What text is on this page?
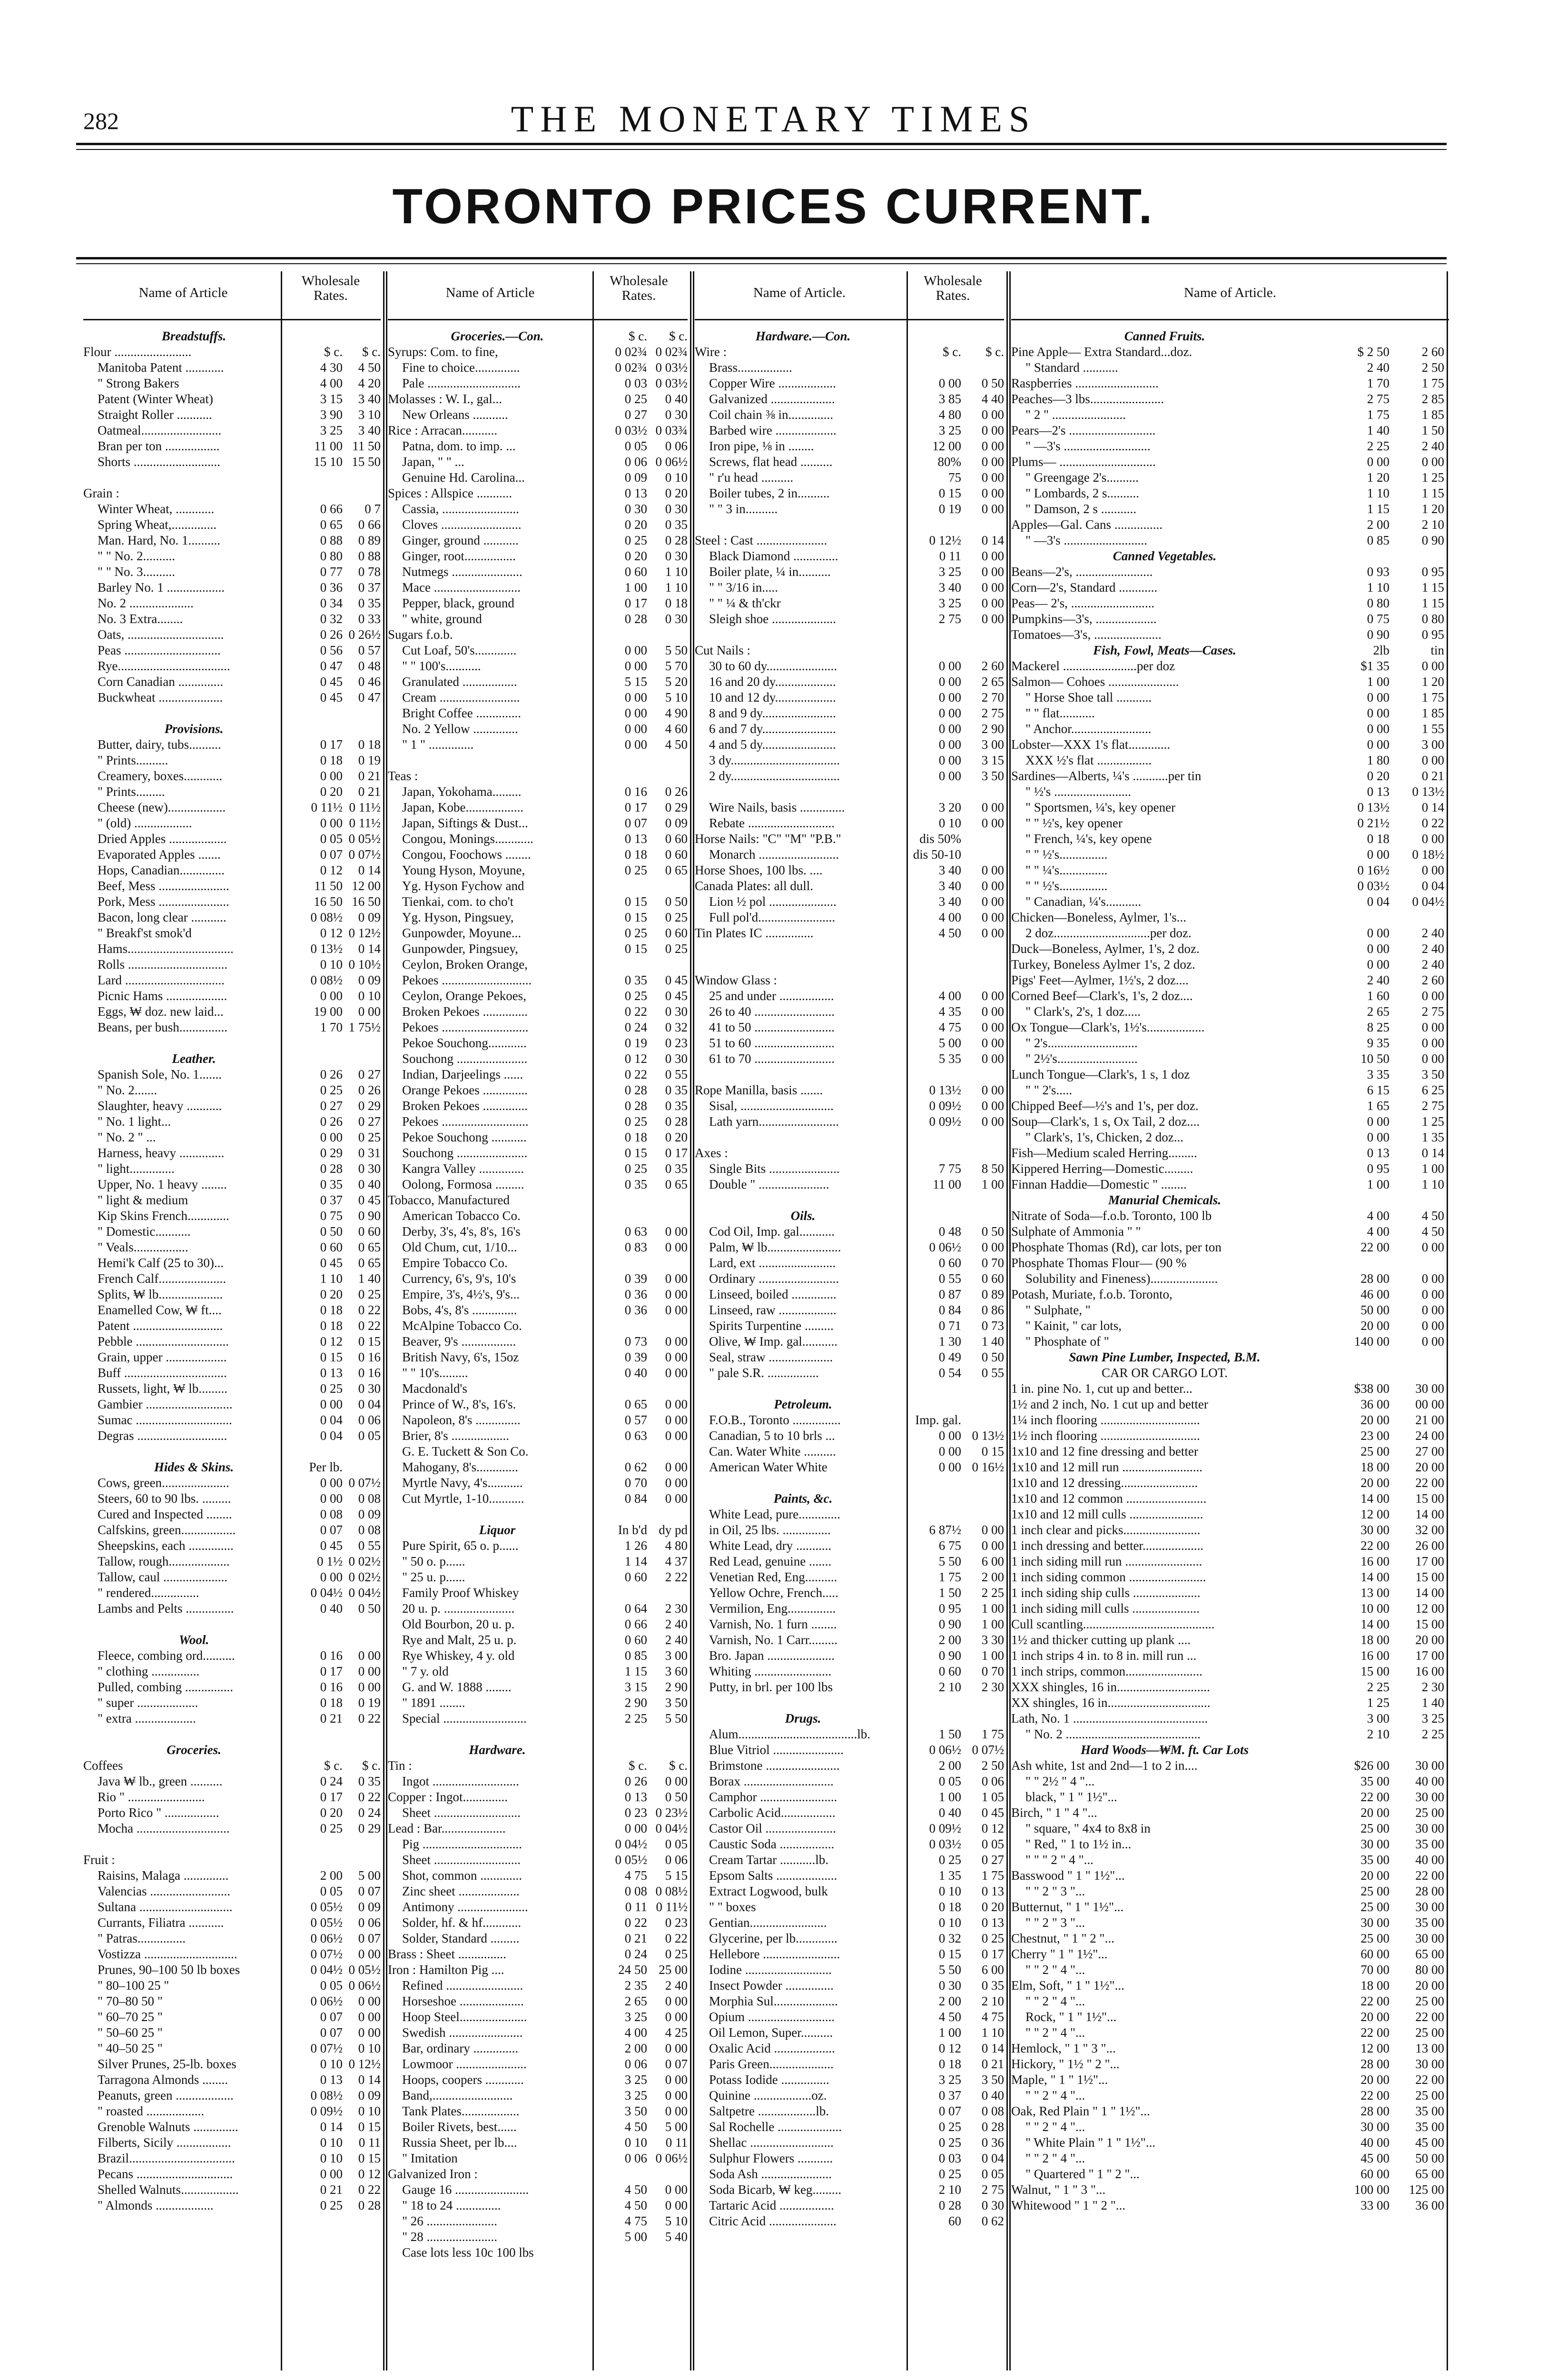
282	THE MONETARY TIMES
TORONTO PRICES CURRENT.
Name of Article
Wholesale
Rates.	Name of Article
Wholesale
Rates.	Name of Article.
Wholesale
Rates.	Name of Article.
Breadstuffs.
Flour ........................	$ c.	$ c.
Manitoba Patent ............	4 30	4 50
" Strong Bakers	4 00	4 20
Patent (Winter Wheat)	3 15	3 40
Straight Roller ...........	3 90	3 10
Oatmeal.........................	3 25	3 40
Bran per ton .................	11 00 11 50
Shorts ...........................	15 10 15 50
Grain :
Winter Wheat, ............	0 66	0 7
Spring Wheat,..............	0 65	0 66
Man. Hard, No. 1..........	0 88	0 89
" " No. 2..........	0 80	0 88
" " No. 3..........	0 77	0 78
Barley No. 1 ..................	0 36	0 37
No. 2 ....................	0 34	0 35
No. 3 Extra........	0 32	0 33
Oats, ..............................	0 26 0 26½
Peas ..............................	0 56	0 57
Rye...................................	0 47	0 48
Corn Canadian ..............	0 45	0 46
Buckwheat ....................	0 45	0 47
Provisions.
Butter, dairy, tubs..........	0 17	0 18
" Prints..........	0 18	0 19
Creamery, boxes............	0 00	0 21
" Prints.........	0 20	0 21
Cheese (new)..................	0 11½ 0 11½
" (old) ..................	0 00 0 11½
Dried Apples ..................	0 05 0 05½
Evaporated Apples .......	0 07 0 07½
Hops, Canadian..............	0 12	0 14
Beef, Mess ......................	11 50 12 00
Pork, Mess ......................	16 50 16 50
Bacon, long clear ...........	0 08½	0 09
" Breakf'st smok'd	0 12 0 12½
Hams.................................	0 13½	0 14
Rolls ...............................	0 10 0 10½
Lard ...............................	0 08½	0 09
Picnic Hams ...................	0 00	0 10
Eggs, ₩ doz. new laid...	19 00	0 00
Beans, per bush...............	1 70 1 75½
Leather.
Spanish Sole, No. 1.......	0 26	0 27
" No. 2.......	0 25	0 26
Slaughter, heavy ...........	0 27	0 29
" No. 1 light...	0 26	0 27
" No. 2 " ...	0 00	0 25
Harness, heavy ..............	0 29	0 31
" light..............	0 28	0 30
Upper, No. 1 heavy ........	0 35	0 40
" light & medium	0 37	0 45
Kip Skins French.............	0 75	0 90
" Domestic...........	0 50	0 60
" Veals.................	0 60	0 65
Hemi'k Calf (25 to 30)...	0 45	0 65
French Calf.....................	1 10	1 40
Splits, ₩ lb....................	0 20	0 25
Enamelled Cow, ₩ ft....	0 18	0 22
Patent ............................	0 18	0 22
Pebble .............................	0 12	0 15
Grain, upper ...................	0 15	0 16
Buff ................................	0 13	0 16
Russets, light, ₩ lb.........	0 25	0 30
Gambier ...........................	0 00	0 04
Sumac ..............................	0 04	0 06
Degras ............................	0 04	0 05
Hides & Skins.	Per lb.
Cows, green.....................	0 00 0 07½
Steers, 60 to 90 lbs. .........	0 00	0 08
Cured and Inspected ........	0 08	0 09
Calfskins, green.................	0 07	0 08
Sheepskins, each ..............	0 45	0 55
Tallow, rough...................	0 1½ 0 02½
Tallow, caul ....................	0 00 0 02½
" rendered...............	0 04½ 0 04½
Lambs and Pelts ...............	0 40	0 50
Wool.
Fleece, combing ord..........	0 16	0 00
" clothing ...............	0 17	0 00
Pulled, combing ...............	0 16	0 00
" super ...................	0 18	0 19
" extra ...................	0 21	0 22
Groceries.
Coffees	$ c.	$ c.
Java ₩ lb., green ..........	0 24	0 35
Rio " ........................	0 17	0 22
Porto Rico " .................	0 20	0 24
Mocha .............................	0 25	0 29
Fruit :
Raisins, Malaga ..............	2 00	5 00
Valencias .........................	0 05	0 07
Sultana .............................	0 05½	0 09
Currants, Filiatra ...........	0 05½	0 06
" Patras...............	0 06½	0 07
Vostizza .............................	0 07½	0 00
Prunes, 90–100 50 lb boxes	0 04½ 0 05½
" 80–100 25 "	0 05 0 06½
" 70–80 50 "	0 06½	0 00
" 60–70 25 "	0 07	0 00
" 50–60 25 "	0 07	0 00
" 40–50 25 "	0 07½	0 10
Silver Prunes, 25-lb. boxes	0 10 0 12½
Tarragona Almonds ........	0 13	0 14
Peanuts, green ..................	0 08½	0 09
" roasted ..................	0 09½	0 10
Grenoble Walnuts ..............	0 14	0 15
Filberts, Sicily .................	0 10	0 11
Brazil.................................	0 10	0 15
Pecans ..............................	0 00	0 12
Shelled Walnuts..................	0 21	0 22
" Almonds ..................	0 25	0 28
Groceries.—Con.	$ c.	$ c.
Syrups: Com. to fine,	0 02¾ 0 02¾
Fine to choice..............	0 02¾ 0 03½
Pale .............................	0 03 0 03½
Molasses : W. I., gal...	0 25	0 40
New Orleans ...........	0 27	0 30
Rice : Arracan...........	0 03½ 0 03¾
Patna, dom. to imp. ...	0 05	0 06
Japan, " " ...	0 06 0 06½
Genuine Hd. Carolina...	0 09	0 10
Spices : Allspice ...........	0 13	0 20
Cassia, ........................	0 30	0 30
Cloves .........................	0 20	0 35
Ginger, ground ...........	0 25	0 28
Ginger, root................	0 20	0 30
Nutmegs ......................	0 60	1 10
Mace ...........................	1 00	1 10
Pepper, black, ground	0 17	0 18
" white, ground	0 28	0 30
Sugars f.o.b.
Cut Loaf, 50's.............	0 00	5 50
" " 100's...........	0 00	5 70
Granulated .................	5 15	5 20
Cream .........................	0 00	5 10
Bright Coffee ..............	0 00	4 90
No. 2 Yellow ..............	0 00	4 60
" 1 " ..............	0 00	4 50
Teas :
Japan, Yokohama.........	0 16	0 26
Japan, Kobe..................	0 17	0 29
Japan, Siftings & Dust...	0 07	0 09
Congou, Monings............	0 13	0 60
Congou, Foochows ........	0 18	0 60
Young Hyson, Moyune,	0 25	0 65
Yg. Hyson Fychow and
Tienkai, com. to cho't	0 15	0 50
Yg. Hyson, Pingsuey,	0 15	0 25
Gunpowder, Moyune...	0 25	0 60
Gunpowder, Pingsuey,	0 15	0 25
Ceylon, Broken Orange,
Pekoes ............................	0 35	0 45
Ceylon, Orange Pekoes,	0 25	0 45
Broken Pekoes ..............	0 22	0 30
Pekoes ...........................	0 24	0 32
Pekoe Souchong............	0 19	0 23
Souchong ......................	0 12	0 30
Indian, Darjeelings ......	0 22	0 55
Orange Pekoes ..............	0 28	0 35
Broken Pekoes ..............	0 28	0 35
Pekoes ...........................	0 25	0 28
Pekoe Souchong ...........	0 18	0 20
Souchong ......................	0 15	0 17
Kangra Valley ..............	0 25	0 35
Oolong, Formosa .........	0 35	0 65
Tobacco, Manufactured
American Tobacco Co.
Derby, 3's, 4's, 8's, 16's	0 63	0 00
Old Chum, cut, 1/10...	0 83	0 00
Empire Tobacco Co.
Currency, 6's, 9's, 10's	0 39	0 00
Empire, 3's, 4½'s, 9's...	0 36	0 00
Bobs, 4's, 8's ..............	0 36	0 00
McAlpine Tobacco Co.
Beaver, 9's .................	0 73	0 00
British Navy, 6's, 15oz	0 39	0 00
" " 10's.........	0 40	0 00
Macdonald's
Prince of W., 8's, 16's.	0 65	0 00
Napoleon, 8's ..............	0 57	0 00
Brier, 8's ..................	0 63	0 00
G. E. Tuckett & Son Co.
Mahogany, 8's.............	0 62	0 00
Myrtle Navy, 4's...........	0 70	0 00
Cut Myrtle, 1-10...........	0 84	0 00
Liquor	In b'd dy pd
Pure Spirit, 65 o. p......	1 26	4 80
" 50 o. p......	1 14	4 37
" 25 u. p......	0 60	2 22
Family Proof Whiskey
20 u. p. ......................	0 64	2 30
Old Bourbon, 20 u. p.	0 66	2 40
Rye and Malt, 25 u. p.	0 60	2 40
Rye Whiskey, 4 y. old	0 85	3 00
" 7 y. old	1 15	3 60
G. and W. 1888 ........	3 15	2 90
" 1891 ........	2 90	3 50
Special ..........................	2 25	5 50
Hardware.
Tin :	$ c.	$ c.
Ingot ...........................	0 26	0 00
Copper : Ingot..............	0 13	0 50
Sheet ...........................	0 23 0 23½
Lead : Bar....................	0 00 0 04½
Pig ...............................	0 04½	0 05
Sheet ...........................	0 05½	0 06
Shot, common .............	4 75	5 15
Zinc sheet ...................	0 08 0 08½
Antimony ......................	0 11 0 11½
Solder, hf. & hf............	0 22	0 23
Solder, Standard .........	0 21	0 22
Brass : Sheet ...............	0 24	0 25
Iron : Hamilton Pig ....	24 50 25 00
Refined ........................	2 35	2 40
Horseshoe ....................	2 65	0 00
Hoop Steel.....................	3 25	0 00
Swedish .......................	4 00	4 25
Bar, ordinary ..............	2 00	0 00
Lowmoor ......................	0 06	0 07
Hoops, coopers ............	3 25	0 00
Band,.........................	3 25	0 00
Tank Plates..................	3 50	0 00
Boiler Rivets, best......	4 50	5 00
Russia Sheet, per lb....	0 10	0 11
" Imitation	0 06 0 06½
Galvanized Iron :
Gauge 16 .......................	4 50	0 00
" 18 to 24 ..............	4 50	0 00
" 26 ......................	4 75	5 10
" 28 ......................	5 00	5 40
Case lots less 10c 100 lbs
Hardware.—Con.
Wire :	$ c.	$ c.
Brass.................
Copper Wire ..................	0 00	0 50
Galvanized ....................	3 85	4 40
Coil chain ⅜ in..............	4 80	0 00
Barbed wire ...................	3 25	0 00
Iron pipe, ⅛ in ........	12 00	0 00
Screws, flat head ..........	80%	0 00
" r'u head ..........	75	0 00
Boiler tubes, 2 in..........	0 15	0 00
" " 3 in..........	0 19	0 00
Steel : Cast ......................	0 12½	0 14
Black Diamond ..............	0 11	0 00
Boiler plate, ¼ in..........	3 25	0 00
" " 3/16 in.....	3 40	0 00
" " ¼ & th'ckr	3 25	0 00
Sleigh shoe ....................	2 75	0 00
Cut Nails :
30 to 60 dy......................	0 00	2 60
16 and 20 dy...................	0 00	2 65
10 and 12 dy...................	0 00	2 70
8 and 9 dy.......................	0 00	2 75
6 and 7 dy.......................	0 00	2 90
4 and 5 dy.......................	0 00	3 00
3 dy..................................	0 00	3 15
2 dy..................................	0 00	3 50
Wire Nails, basis ..............	3 20	0 00
Rebate ...........................	0 10	0 00
Horse Nails: "C" "M" "P.B."	dis 50%
Monarch .........................	dis 50-10
Horse Shoes, 100 lbs. ....	3 40	0 00
Canada Plates: all dull.	3 40	0 00
Lion ½ pol .....................	3 40	0 00
Full pol'd........................	4 00	0 00
Tin Plates IC ...............	4 50	0 00
Window Glass :
25 and under .................	4 00	0 00
26 to 40 .........................	4 35	0 00
41 to 50 .........................	4 75	0 00
51 to 60 .........................	5 00	0 00
61 to 70 .........................	5 35	0 00
Rope Manilla, basis .......	0 13½	0 00
Sisal, .............................	0 09½	0 00
Lath yarn.........................	0 09½	0 00
Axes :
Single Bits ......................	7 75	8 50
Double " ......................	11 00	1 00
Oils.
Cod Oil, Imp. gal...........	0 48	0 50
Palm, ₩ lb.......................	0 06½	0 00
Lard, ext ........................	0 60	0 70
Ordinary .........................	0 55	0 60
Linseed, boiled ..............	0 87	0 89
Linseed, raw ..................	0 84	0 86
Spirits Turpentine .........	0 71	0 73
Olive, ₩ Imp. gal...........	1 30	1 40
Seal, straw ....................	0 49	0 50
" pale S.R. ................	0 54	0 55
Petroleum.
F.O.B., Toronto ...............	Imp. gal.
Canadian, 5 to 10 brls ...	0 00 0 13½
Can. Water White ..........	0 00	0 15
American Water White	0 00 0 16½
Paints, &c.
White Lead, pure.............
in Oil, 25 lbs. ...............	6 87½	0 00
White Lead, dry ...........	6 75	0 00
Red Lead, genuine .......	5 50	6 00
Venetian Red, Eng..........	1 75	2 00
Yellow Ochre, French.....	1 50	2 25
Vermilion, Eng...............	0 95	1 00
Varnish, No. 1 furn ........	0 90	1 00
Varnish, No. 1 Carr.........	2 00	3 30
Bro. Japan .....................	0 90	1 00
Whiting ........................	0 60	0 70
Putty, in brl. per 100 lbs	2 10	2 30
Drugs.
Alum.....................................lb.	1 50	1 75
Blue Vitriol ......................	0 06½ 0 07½
Brimstone .......................	2 00	2 50
Borax ............................	0 05	0 06
Camphor ........................	1 00	1 05
Carbolic Acid.................	0 40	0 45
Castor Oil ......................	0 09½	0 12
Caustic Soda .................	0 03½	0 05
Cream Tartar ...........lb.	0 25	0 27
Epsom Salts ...................	1 35	1 75
Extract Logwood, bulk	0 10	0 13
" " boxes	0 18	0 20
Gentian........................	0 10	0 13
Glycerine, per lb.............	0 32	0 25
Hellebore ........................	0 15	0 17
Iodine ...........................	5 50	6 00
Insect Powder ...............	0 30	0 35
Morphia Sul....................	2 00	2 10
Opium ...........................	4 50	4 75
Oil Lemon, Super..........	1 00	1 10
Oxalic Acid ...................	0 12	0 14
Paris Green....................	0 18	0 21
Potass Iodide ...............	3 25	3 50
Quinine ..................oz.	0 37	0 40
Saltpetre ..................lb.	0 07	0 08
Sal Rochelle ....................	0 25	0 28
Shellac ..........................	0 25	0 36
Sulphur Flowers ...........	0 03	0 04
Soda Ash ......................	0 25	0 05
Soda Bicarb, ₩ keg.........	2 10	2 75
Tartaric Acid .................	0 28	0 30
Citric Acid .....................	60	0 62
Canned Fruits.
Pine Apple— Extra Standard...doz.	$ 2 50	2 60
" Standard ...........	2 40	2 50
Raspberries ..........................	1 70	1 75
Peaches—3 lbs.......................	2 75	2 85
" 2 " .......................	1 75	1 85
Pears—2's ...........................	1 40	1 50
" —3's ...........................	2 25	2 40
Plums— ..............................	0 00	0 00
" Greengage 2's..........	1 20	1 25
" Lombards, 2 s..........	1 10	1 15
" Damson, 2 s ...........	1 15	1 20
Apples—Gal. Cans ...............	2 00	2 10
" —3's ..........................	0 85	0 90
Canned Vegetables.
Beans—2's, ........................	0 93	0 95
Corn—2's, Standard ............	1 10	1 15
Peas— 2's, ..........................	0 80	1 15
Pumpkins—3's, ...................	0 75	0 80
Tomatoes—3's, .....................	0 90	0 95
Fish, Fowl, Meats—Cases.	2lb	tin
Mackerel .......................per doz	$1 35	0 00
Salmon— Cohoes ......................	1 00	1 20
" Horse Shoe tall ...........	0 00	1 75
" " flat...........	0 00	1 85
" Anchor.........................	0 00	1 55
Lobster—XXX 1's flat.............	0 00	3 00
XXX ½'s flat .................	1 80	0 00
Sardines—Alberts, ¼'s ...........per tin	0 20	0 21
" ½'s ........................	0 13	0 13½
" Sportsmen, ¼'s, key opener	0 13½	0 14
" " ½'s, key opener	0 21½	0 22
" French, ¼'s, key opene	0 18	0 00
" " ½'s...............	0 00	0 18½
" " ¼'s...............	0 16½	0 00
" " ½'s...............	0 03½	0 04
" Canadian, ¼'s...........	0 04	0 04½
Chicken—Boneless, Aylmer, 1's...
2 doz..............................per doz.	0 00	2 40
Duck—Boneless, Aylmer, 1's, 2 doz.	0 00	2 40
Turkey, Boneless Aylmer 1's, 2 doz.	0 00	2 40
Pigs' Feet—Aylmer, 1½'s, 2 doz....	2 40	2 60
Corned Beef—Clark's, 1's, 2 doz....	1 60	0 00
" Clark's, 2's, 1 doz.....	2 65	2 75
Ox Tongue—Clark's, 1½'s..................	8 25	0 00
" 2's............................	9 35	0 00
" 2½'s.........................	10 50	0 00
Lunch Tongue—Clark's, 1 s, 1 doz	3 35	3 50
" " 2's.....	6 15	6 25
Chipped Beef—½'s and 1's, per doz.	1 65	2 75
Soup—Clark's, 1 s, Ox Tail, 2 doz....	0 00	1 25
" Clark's, 1's, Chicken, 2 doz...	0 00	1 35
Fish—Medium scaled Herring.........	0 13	0 14
Kippered Herring—Domestic.........	0 95	1 00
Finnan Haddie—Domestic " ........	1 00	1 10
Manurial Chemicals.
Nitrate of Soda—f.o.b. Toronto, 100 lb	4 00	4 50
Sulphate of Ammonia " "	4 00	4 50
Phosphate Thomas (Rd), car lots, per ton	22 00	0 00
Phosphate Thomas Flour— (90 %
Solubility and Fineness).....................	28 00	0 00
Potash, Muriate, f.o.b. Toronto,	46 00	0 00
" Sulphate, "	50 00	0 00
" Kainit, " car lots,	20 00	0 00
" Phosphate of "	140 00	0 00
Sawn Pine Lumber, Inspected, B.M.
CAR OR CARGO LOT.
1 in. pine No. 1, cut up and better...	$38 00	30 00
1½ and 2 inch, No. 1 cut up and better	36 00	00 00
1¼ inch flooring ...............................	20 00	21 00
1½ inch flooring ...............................	23 00	24 00
1x10 and 12 fine dressing and better	25 00	27 00
1x10 and 12 mill run .........................	18 00	20 00
1x10 and 12 dressing........................	20 00	22 00
1x10 and 12 common .........................	14 00	15 00
1x10 and 12 mill culls .......................	12 00	14 00
1 inch clear and picks........................	30 00	32 00
1 inch dressing and better...................	22 00	26 00
1 inch siding mill run ........................	16 00	17 00
1 inch siding common ........................	14 00	15 00
1 inch siding ship culls .....................	13 00	14 00
1 inch siding mill culls .....................	10 00	12 00
Cull scantling.........................................	14 00	15 00
1½ and thicker cutting up plank ....	18 00	20 00
1 inch strips 4 in. to 8 in. mill run ...	16 00	17 00
1 inch strips, common........................	15 00	16 00
XXX shingles, 16 in.............................	2 25	2 30
XX shingles, 16 in................................	1 25	1 40
Lath, No. 1 ..........................................	3 00	3 25
" No. 2 ..........................................	2 10	2 25
Hard Woods—₩M. ft. Car Lots
Ash white, 1st and 2nd—1 to 2 in....	$26 00	30 00
" " 2½ " 4 "...	35 00	40 00
black, " 1 " 1½"...	22 00	30 00
Birch, " 1 " 4 "...	20 00	25 00
" square, " 4x4 to 8x8 in	25 00	30 00
" Red, " 1 to 1½ in...	30 00	35 00
" " " 2 " 4 "...	35 00	40 00
Basswood " 1 " 1½"...	20 00	22 00
" " 2 " 3 "...	25 00	28 00
Butternut, " 1 " 1½"...	25 00	30 00
" " 2 " 3 "...	30 00	35 00
Chestnut, " 1 " 2 "...	25 00	30 00
Cherry " 1 " 1½"...	60 00	65 00
" " 2 " 4 "...	70 00	80 00
Elm, Soft, " 1 " 1½"...	18 00	20 00
" " 2 " 4 "...	22 00	25 00
Rock, " 1 " 1½"...	20 00	22 00
" " 2 " 4 "...	22 00	25 00
Hemlock, " 1 " 3 "...	12 00	13 00
Hickory, " 1½ " 2 "...	28 00	30 00
Maple, " 1 " 1½"...	20 00	22 00
" " 2 " 4 "...	22 00	25 00
Oak, Red Plain " 1 " 1½"...	28 00	35 00
" " 2 " 4 "...	30 00	35 00
" White Plain " 1 " 1½"...	40 00	45 00
" " 2 " 4 "...	45 00	50 00
" Quartered " 1 " 2 "...	60 00	65 00
Walnut, " 1 " 3 "...	100 00	125 00
Whitewood " 1 " 2 "...	33 00	36 00
